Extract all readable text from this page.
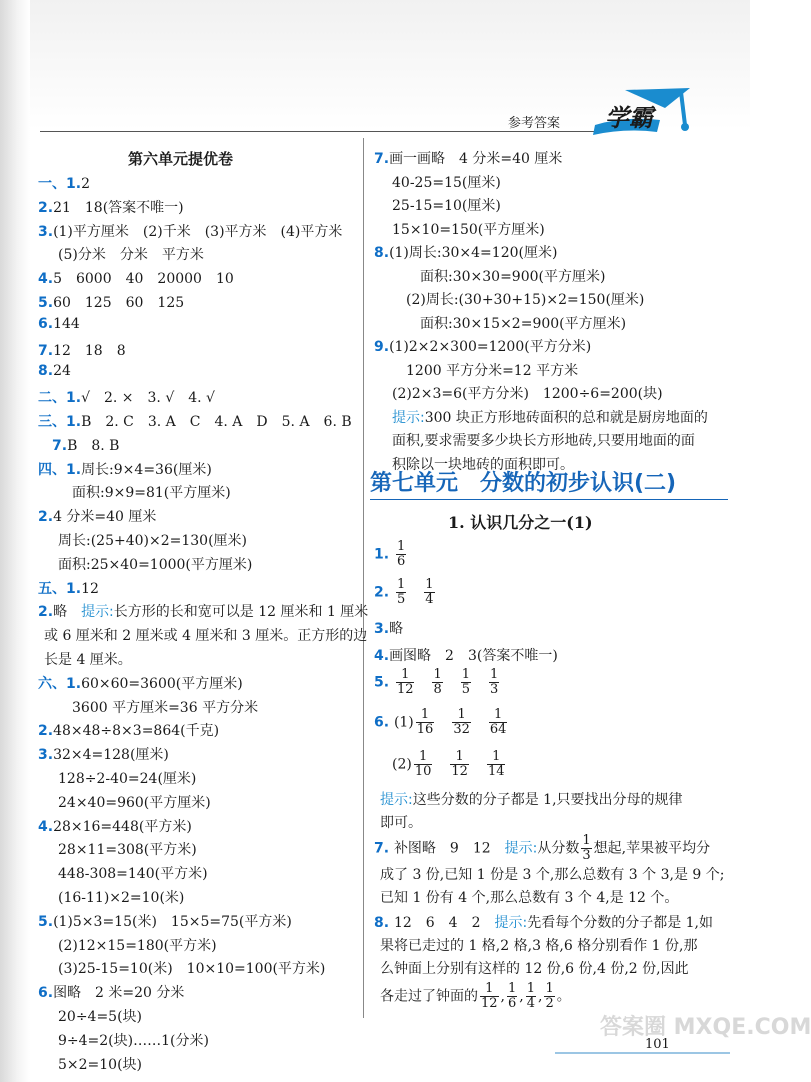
参考答案 学霸
第七单元　分数的初步认识(二)
1. 认识几分之一(1)
101
答案圈 MXQE.COM
第六单元提优卷
一、1.2
2.21　18(答案不唯一)
3.(1)平方厘米　(2)千米　(3)平方米　(4)平方米
　(5)分米　分米　平方米
4.5　6000　40　20000　10
5.60　125　60　125
6.144
7.12　18　8
8.24
二、1.√　2. ×　3. √　4. √
三、1.B　2. C　3. A　C　4. A　D　5. A　6. B
　7.B　8. B
四、1.周长:9×4=36(厘米)
　　面积:9×9=81(平方厘米)
2.4 分米=40 厘米
　周长:(25+40)×2=130(厘米)
　面积:25×40=1000(平方厘米)
五、1.12
2.略　提示:长方形的长和宽可以是 12 厘米和 1 厘米
或 6 厘米和 2 厘米或 4 厘米和 3 厘米。正方形的边
长是 4 厘米。
六、1.60×60=3600(平方厘米)
　　3600 平方厘米=36 平方分米
2.48×48÷8×3=864(千克)
3.32×4=128(厘米)
　128÷2-40=24(厘米)
　24×40=960(平方厘米)
4.28×16=448(平方米)
　28×11=308(平方米)
　448-308=140(平方米)
　(16-11)×2=10(米)
5.(1)5×3=15(米)　15×5=75(平方米)
　(2)12×15=180(平方米)
　(3)25-15=10(米)　10×10=100(平方米)
6.图略　2 米=20 分米
　20÷4=5(块)
　9÷4=2(块)……1(分米)
　5×2=10(块)
7.画一画略　4 分米=40 厘米
40-25=15(厘米)
25-15=10(厘米)
15×10=150(平方厘米)
8.(1)周长:30×4=120(厘米)
　　面积:30×30=900(平方厘米)
　(2)周长:(30+30+15)×2=150(厘米)
　　面积:30×15×2=900(平方厘米)
9.(1)2×2×300=1200(平方分米)
　1200 平方分米=12 平方米
(2)2×3=6(平方分米)　1200÷6=200(块)
提示:300 块正方形地砖面积的总和就是厨房地面的
面积,要求需要多少块长方形地砖,只要用地面的面
积除以一块地砖的面积即可。
1. $\frac{1}{6}$

2. $\frac{1}{5}$
　 $\frac{1}{4}$

3.略
4.画图略　2　3(答案不唯一)
5. $\frac{1}{12}$
　 $\frac{1}{8}$
　 $\frac{1}{5}$
　 $\frac{1}{3}$

6. $(1) \frac{1}{16}$
　 $\frac{1}{32}$
　 $\frac{1}{64}$

$(2) \frac{1}{10}$
　 $\frac{1}{12}$
　 $\frac{1}{14}$

提示:这些分数的分子都是 1,只要找出分母的规律
即可。
7. 补图略　9　12　提示:从分数 $\frac{1}{3}$ 想起,苹果被平均分
成了 3 份,已知 1 份是 3 个,那么总数有 3 个 3,是 9 个;
已知 1 份有 4 个,那么总数有 3 个 4,是 12 个。
8. 12　6　4　2　提示:先看每个分数的分子都是 1,如
果将已走过的 1 格,2 格,3 格,6 格分别看作 1 份,那
么钟面上分别有这样的 12 份,6 份,4 份,2 份,因此
各走过了钟面的 $\frac{1}{12}$ , $\frac{1}{6}$ , $\frac{1}{4}$ , $\frac{1}{2}$ 。
